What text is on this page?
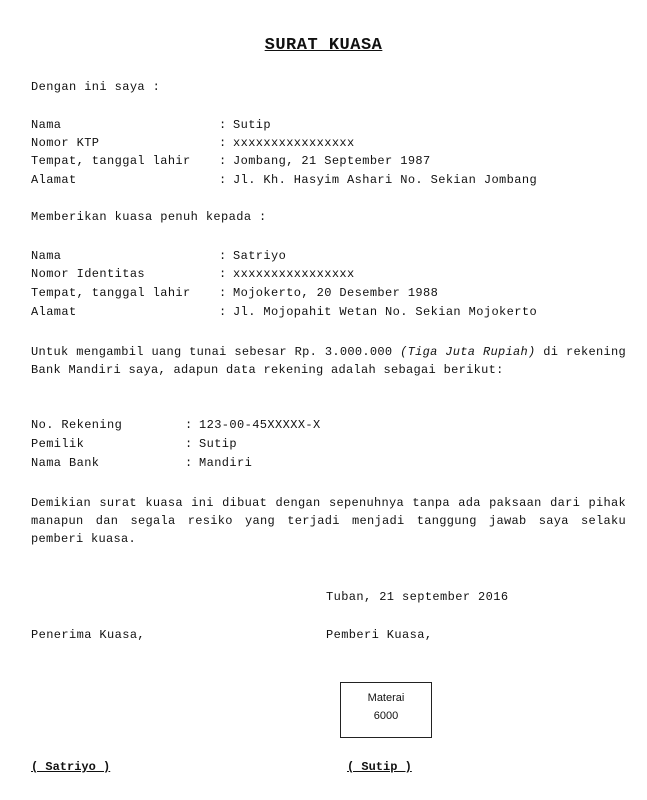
SURAT KUASA
Dengan ini saya :
Nama
Nomor KTP
Tempat, tanggal lahir
Alamat
:
:
:
:
Sutip
xxxxxxxxxxxxxxxx
Jombang, 21 September 1987
Jl. Kh. Hasyim Ashari No. Sekian Jombang
Memberikan kuasa penuh kepada :
Nama
Nomor Identitas
Tempat, tanggal lahir
Alamat
:
:
:
:
Satriyo
xxxxxxxxxxxxxxxx
Mojokerto, 20 Desember 1988
Jl. Mojopahit Wetan No. Sekian Mojokerto
Untuk mengambil uang tunai sebesar Rp. 3.000.000 (Tiga Juta Rupiah) di rekening Bank Mandiri saya, adapun data rekening adalah sebagai berikut:
No. Rekening
Pemilik
Nama Bank
:
:
:
123-00-45XXXXX-X
Sutip
Mandiri
Demikian surat kuasa ini dibuat dengan sepenuhnya tanpa ada paksaan dari pihak manapun dan segala resiko yang terjadi menjadi tanggung jawab saya selaku pemberi kuasa.
Tuban, 21 september 2016
Penerima Kuasa,	Pemberi Kuasa,
Materai
6000
( Satriyo )	( Sutip )
